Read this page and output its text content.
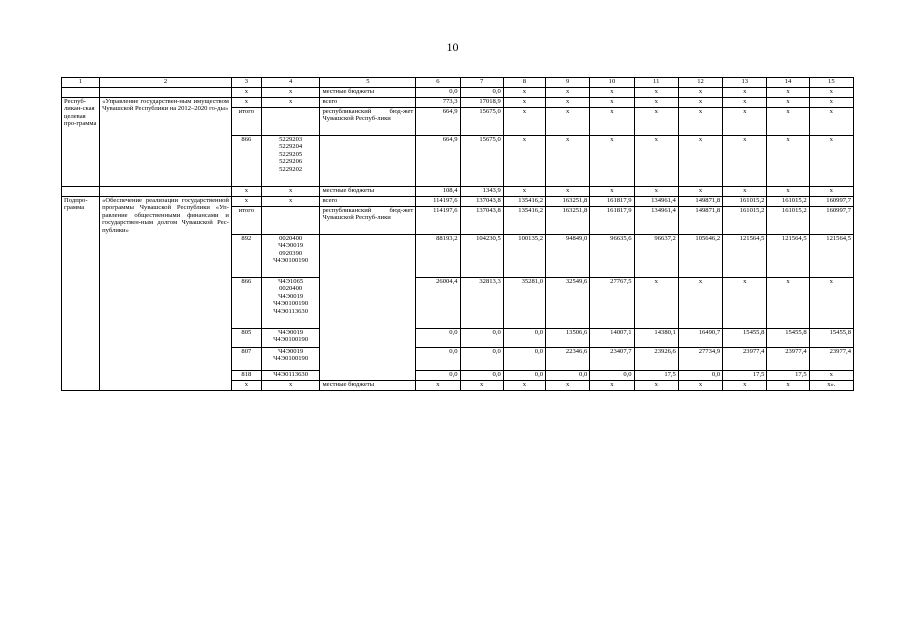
10
1	2	3	4	5	6	7	8	9	10	11	12	13	14	15
		х	х	местные бюджеты	0,0	0,0	х	х	х	х	х	х	х	х
Респуб-ликан-ская целевая про-грамма	«Управление государствен-ным имуществом Чувашской Республики на 2012–2020 го-ды»	х	х	всего	773,3	17018,9	х	х	х	х	х	х	х	х
		итого		республиканский бюд-жет Чувашской Респуб-лики	664,9	15675,0	х	х	х	х	х	х	х	х
		866	5229203
5229204
5229205
5229206
5229202		664,9	15675,0	х	х	х	х	х	х	х	х
		х	х	местные бюджеты	108,4	1343,9	х	х	х	х	х	х	х	х
Подпро-грамма	«Обеспечение реализации государственной программы Чувашской Республики «Уп-равление общественными финансами и государствен-ным долгом Чувашской Рес-публики»	х	х	всего	114197,6	137043,8	135416,2	163251,8	161817,9	134961,4	149871,8	161015,2	161015,2	160997,7
		итого		республиканский бюд-жет Чувашской Респуб-лики	114197,6	137043,8	135416,2	163251,8	161817,9	134961,4	149871,8	161015,2	161015,2	160997,7
		892	0020400
Ч4Э0019
0920390
Ч4Э0100190		88193,2	104230,5	100135,2	94849,0	96635,6	96637,2	105646,2	121564,5	121564,5	121564,5
		866	Ч4Э1065
0020400
Ч4Э0019
Ч4Э0100190
Ч4Э0113630		26004,4	32813,3	35281,0	32549,6	27767,5	х	х	х	х	х
		805	Ч4Э0019
Ч4Э0100190		0,0	0,0	0,0	13506,6	14007,1	14380,1	16490,7	15455,8	15455,8	15455,8
		807	Ч4Э0019
Ч4Э0100190		0,0	0,0	0,0	22346,6	23407,7	23926,6	27734,9	23977,4	23977,4	23977,4
		818	Ч4Э0113630		0,0	0,0	0,0	0,0	0,0	17,5	0,0	17,5	17,5	х
		х	х	местные бюджеты	х	х	х	х	х	х	х	х	х	х».
